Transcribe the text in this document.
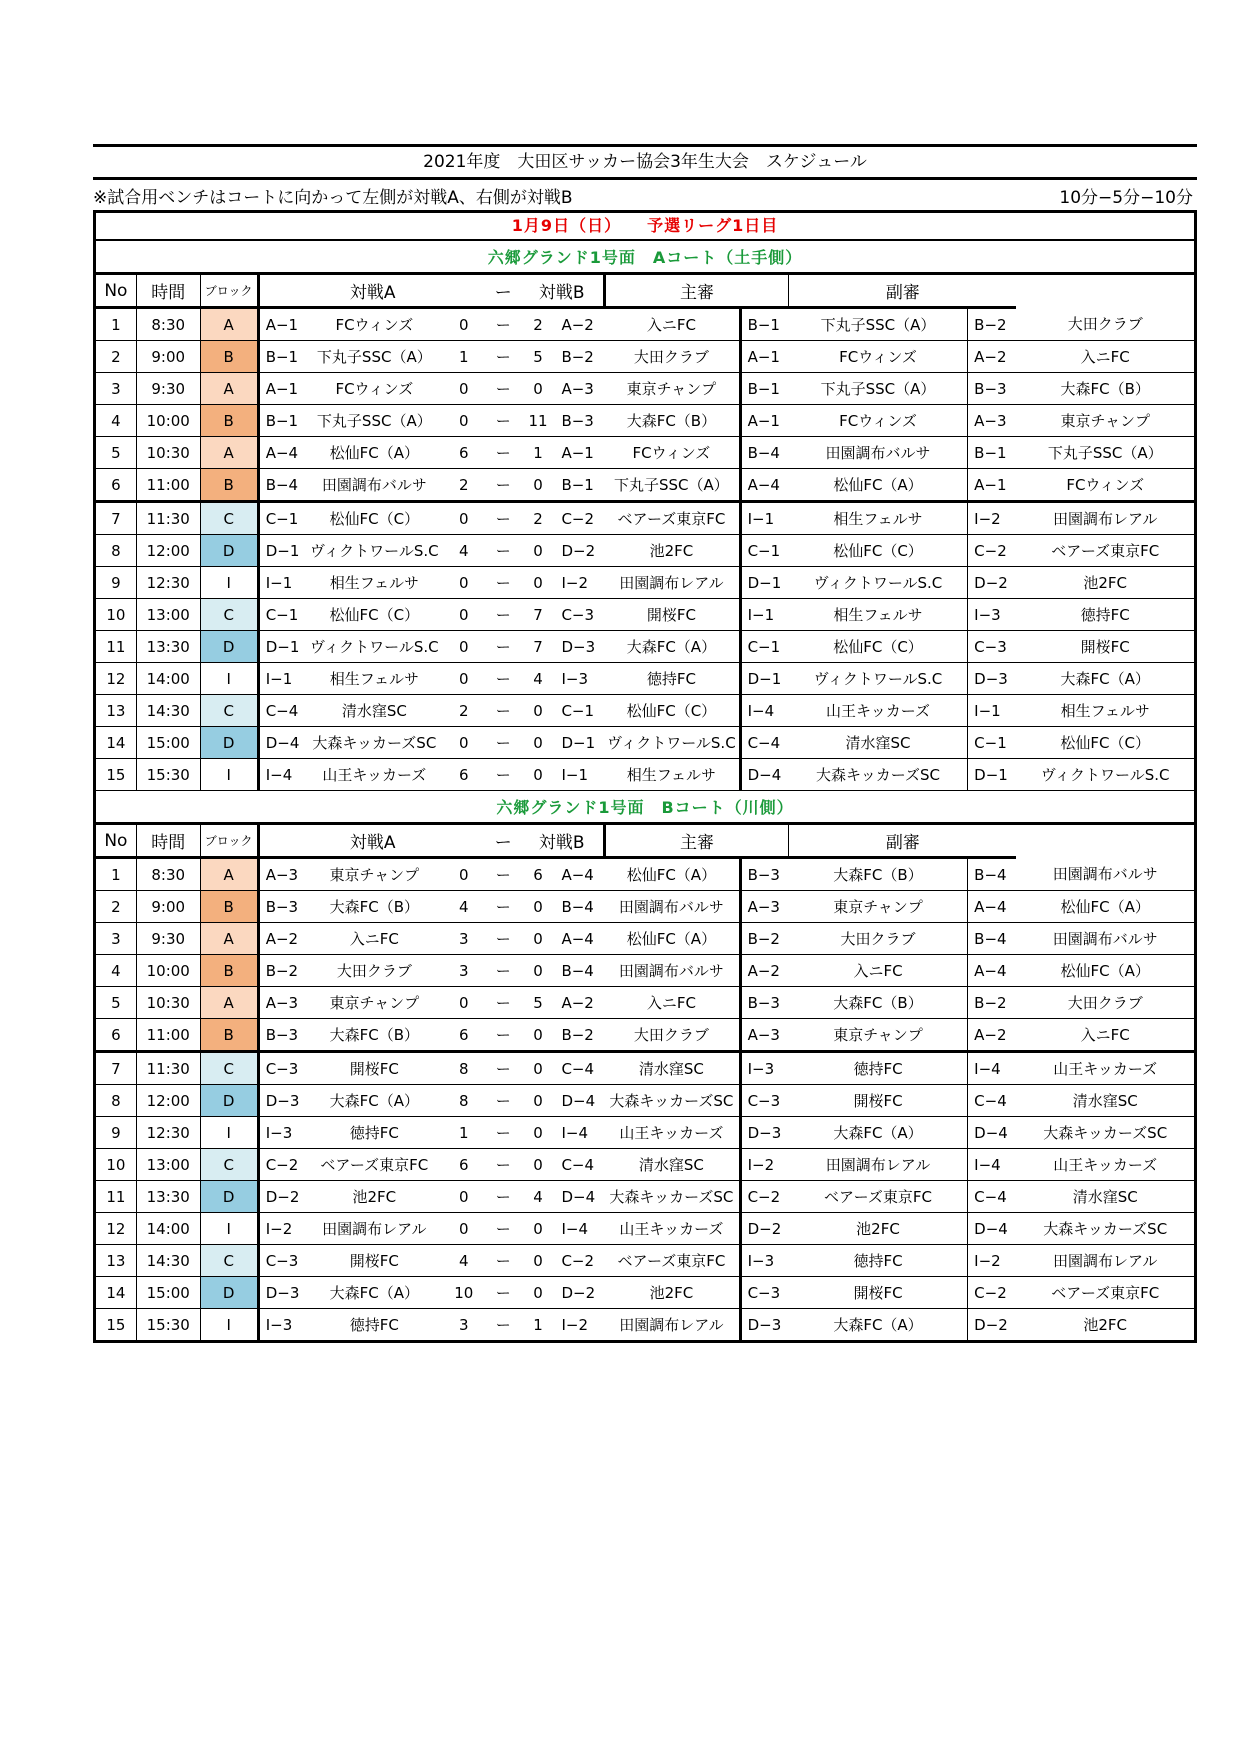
2021年度　大田区サッカー協会3年生大会　スケジュール
※試合用ベンチはコートに向かって左側が対戦A、右側が対戦B	10分−5分−10分
1月9日（日）　　予選リーグ1日目
六郷グランド1号面　Aコート（土手側）													
No	時間	ブロック	対戦A			ー	対戦B		主審		副審		
1	8:30	A	A−1	FCウィンズ	0	ー	2	A−2	入ニFC	B−1	下丸子SSC（A）	B−2	大田クラブ
2	9:00	B	B−1	下丸子SSC（A）	1	ー	5	B−2	大田クラブ	A−1	FCウィンズ	A−2	入ニFC
3	9:30	A	A−1	FCウィンズ	0	ー	0	A−3	東京チャンプ	B−1	下丸子SSC（A）	B−3	大森FC（B）
4	10:00	B	B−1	下丸子SSC（A）	0	ー	11	B−3	大森FC（B）	A−1	FCウィンズ	A−3	東京チャンプ
5	10:30	A	A−4	松仙FC（A）	6	ー	1	A−1	FCウィンズ	B−4	田園調布バルサ	B−1	下丸子SSC（A）
6	11:00	B	B−4	田園調布バルサ	2	ー	0	B−1	下丸子SSC（A）	A−4	松仙FC（A）	A−1	FCウィンズ
7	11:30	C	C−1	松仙FC（C）	0	ー	2	C−2	ベアーズ東京FC	I−1	相生フェルサ	I−2	田園調布レアル
8	12:00	D	D−1	ヴィクトワールS.C	4	ー	0	D−2	池2FC	C−1	松仙FC（C）	C−2	ベアーズ東京FC
9	12:30	I	I−1	相生フェルサ	0	ー	0	I−2	田園調布レアル	D−1	ヴィクトワールS.C	D−2	池2FC
10	13:00	C	C−1	松仙FC（C）	0	ー	7	C−3	開桜FC	I−1	相生フェルサ	I−3	徳持FC
11	13:30	D	D−1	ヴィクトワールS.C	0	ー	7	D−3	大森FC（A）	C−1	松仙FC（C）	C−3	開桜FC
12	14:00	I	I−1	相生フェルサ	0	ー	4	I−3	徳持FC	D−1	ヴィクトワールS.C	D−3	大森FC（A）
13	14:30	C	C−4	清水窪SC	2	ー	0	C−1	松仙FC（C）	I−4	山王キッカーズ	I−1	相生フェルサ
14	15:00	D	D−4	大森キッカーズSC	0	ー	0	D−1	ヴィクトワールS.C	C−4	清水窪SC	C−1	松仙FC（C）
15	15:30	I	I−4	山王キッカーズ	6	ー	0	I−1	相生フェルサ	D−4	大森キッカーズSC	D−1	ヴィクトワールS.C
六郷グランド1号面　Bコート（川側）													
No	時間	ブロック	対戦A			ー	対戦B		主審		副審		
1	8:30	A	A−3	東京チャンプ	0	ー	6	A−4	松仙FC（A）	B−3	大森FC（B）	B−4	田園調布バルサ
2	9:00	B	B−3	大森FC（B）	4	ー	0	B−4	田園調布バルサ	A−3	東京チャンプ	A−4	松仙FC（A）
3	9:30	A	A−2	入ニFC	3	ー	0	A−4	松仙FC（A）	B−2	大田クラブ	B−4	田園調布バルサ
4	10:00	B	B−2	大田クラブ	3	ー	0	B−4	田園調布バルサ	A−2	入ニFC	A−4	松仙FC（A）
5	10:30	A	A−3	東京チャンプ	0	ー	5	A−2	入ニFC	B−3	大森FC（B）	B−2	大田クラブ
6	11:00	B	B−3	大森FC（B）	6	ー	0	B−2	大田クラブ	A−3	東京チャンプ	A−2	入ニFC
7	11:30	C	C−3	開桜FC	8	ー	0	C−4	清水窪SC	I−3	徳持FC	I−4	山王キッカーズ
8	12:00	D	D−3	大森FC（A）	8	ー	0	D−4	大森キッカーズSC	C−3	開桜FC	C−4	清水窪SC
9	12:30	I	I−3	徳持FC	1	ー	0	I−4	山王キッカーズ	D−3	大森FC（A）	D−4	大森キッカーズSC
10	13:00	C	C−2	ベアーズ東京FC	6	ー	0	C−4	清水窪SC	I−2	田園調布レアル	I−4	山王キッカーズ
11	13:30	D	D−2	池2FC	0	ー	4	D−4	大森キッカーズSC	C−2	ベアーズ東京FC	C−4	清水窪SC
12	14:00	I	I−2	田園調布レアル	0	ー	0	I−4	山王キッカーズ	D−2	池2FC	D−4	大森キッカーズSC
13	14:30	C	C−3	開桜FC	4	ー	0	C−2	ベアーズ東京FC	I−3	徳持FC	I−2	田園調布レアル
14	15:00	D	D−3	大森FC（A）	10	ー	0	D−2	池2FC	C−3	開桜FC	C−2	ベアーズ東京FC
15	15:30	I	I−3	徳持FC	3	ー	1	I−2	田園調布レアル	D−3	大森FC（A）	D−2	池2FC
